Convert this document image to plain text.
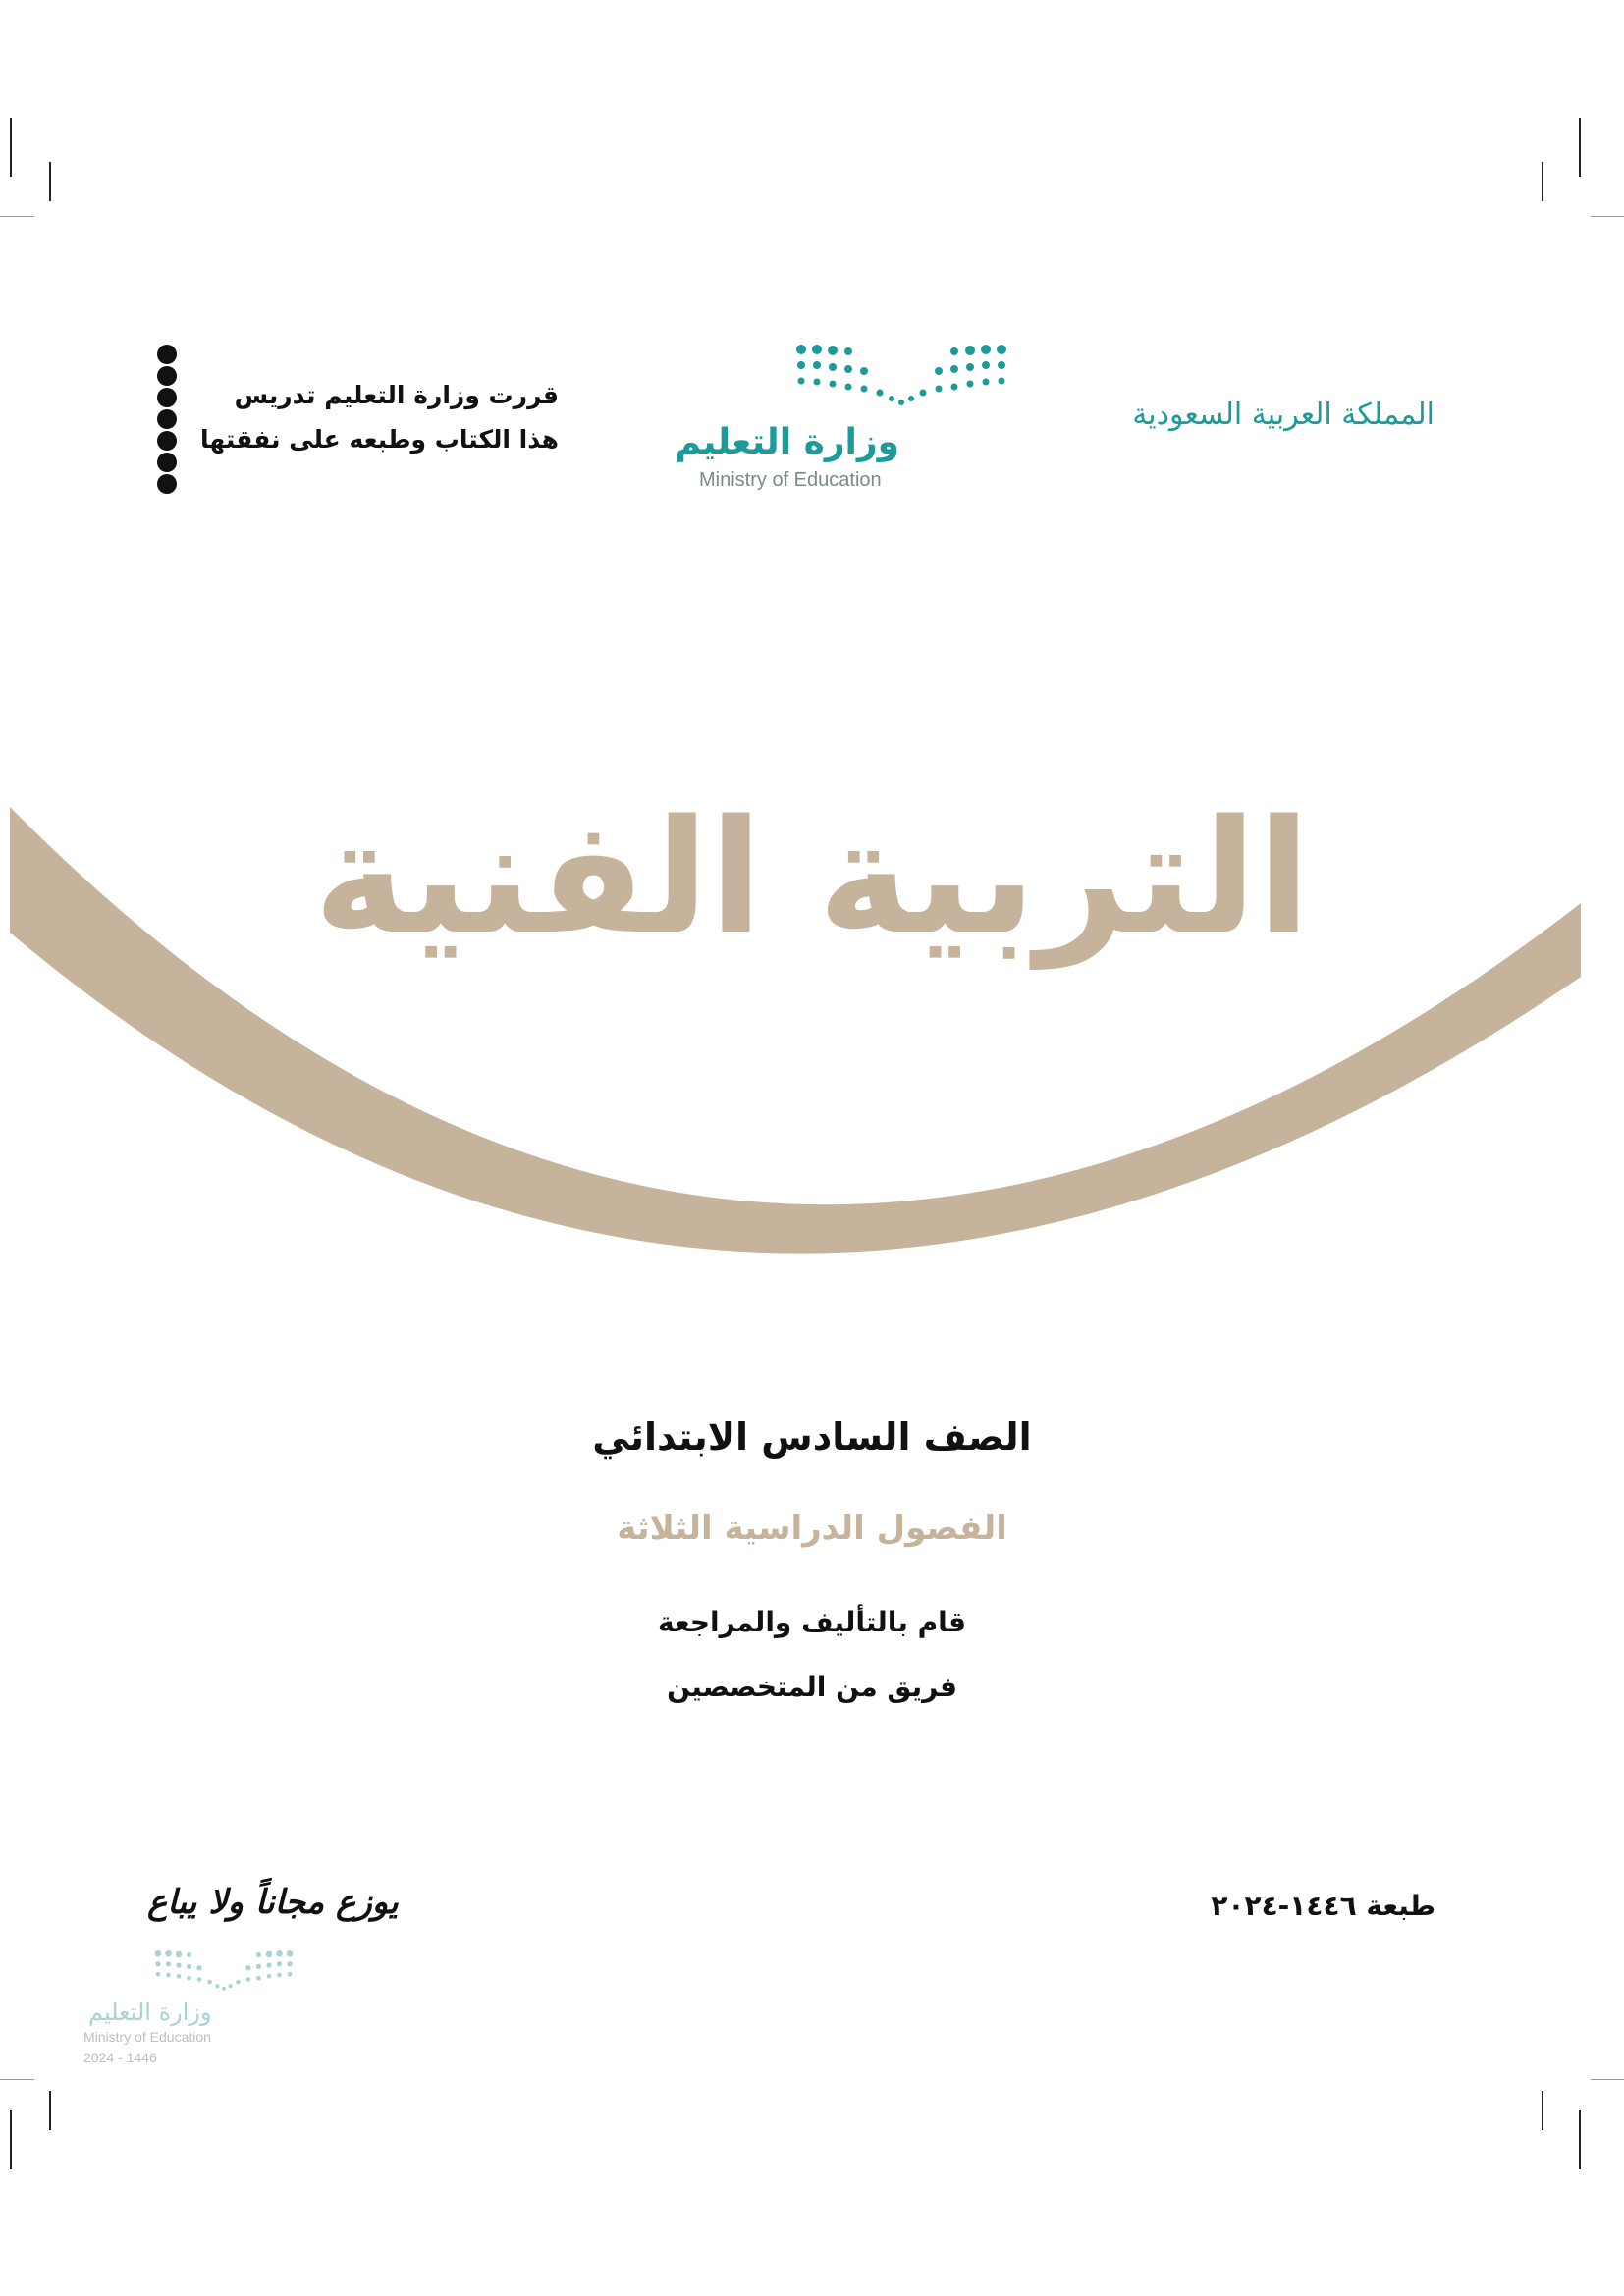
المملكة العربية السعودية
وزارة التعليم
Ministry of Education
قررت وزارة التعليم تدريس
هذا الكتاب وطبعه على نفقتها
التربية الفنية
الصف السادس الابتدائي
الفصول الدراسية الثلاثة
قام بالتأليف والمراجعة
فريق من المتخصصين
طبعة ١٤٤٦-٢٠٢٤
يوزع مجاناً ولا يباع
وزارة التعليم
Ministry of Education
2024 - 1446
